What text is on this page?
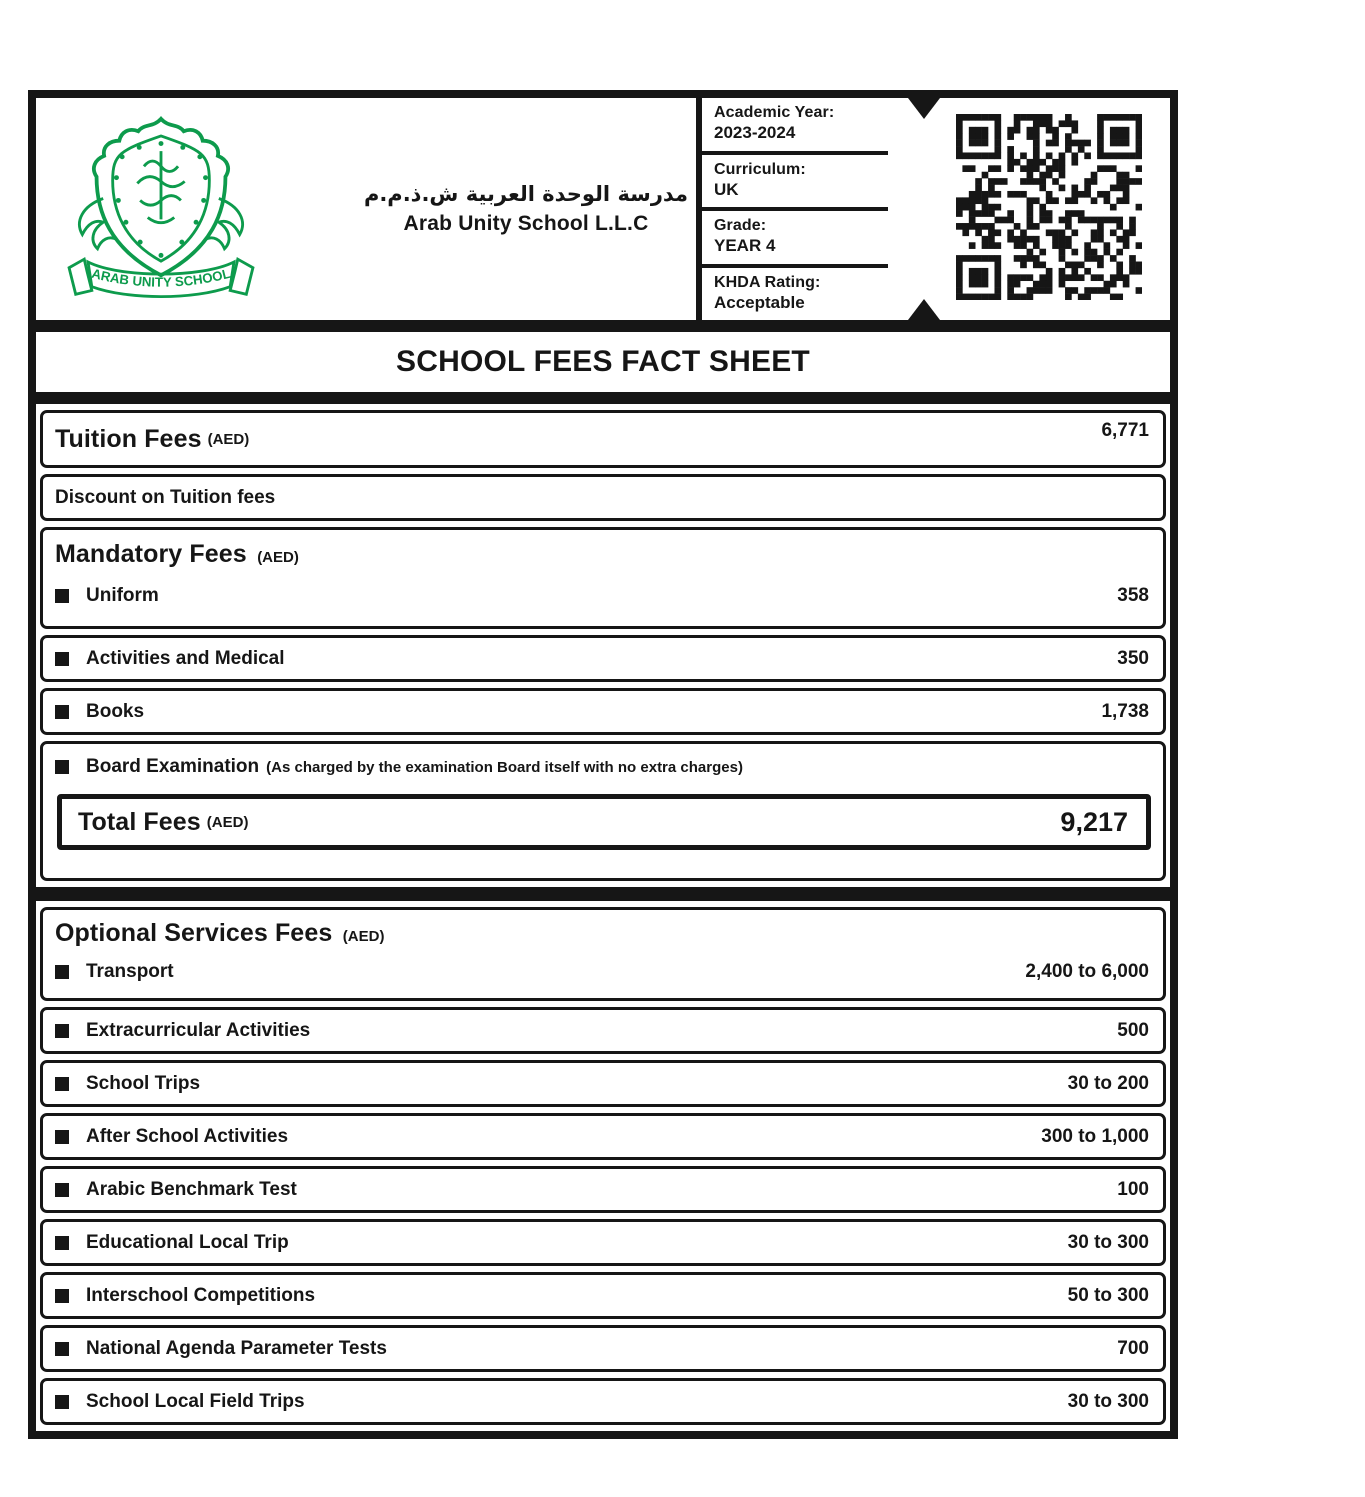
ARAB UNITY SCHOOL
مدرسة الوحدة العربية ش.ذ.م.م
Arab Unity School L.L.C
Academic Year:
2023-2024
Curriculum:
UK
Grade:
YEAR 4
KHDA Rating:
Acceptable
SCHOOL FEES FACT SHEET
Tuition Fees (AED)	6,771
Discount on Tuition fees
Mandatory Fees (AED)
Uniform	358
Activities and Medical	350
Books	1,738
Board Examination (As charged by the examination Board itself with no extra charges)
Total Fees (AED)	9,217
Optional Services Fees (AED)
Transport	2,400 to 6,000
Extracurricular Activities	500
School Trips	30 to 200
After School Activities	300 to 1,000
Arabic Benchmark Test	100
Educational Local Trip	30 to 300
Interschool Competitions	50 to 300
National Agenda Parameter Tests	700
School Local Field Trips	30 to 300
